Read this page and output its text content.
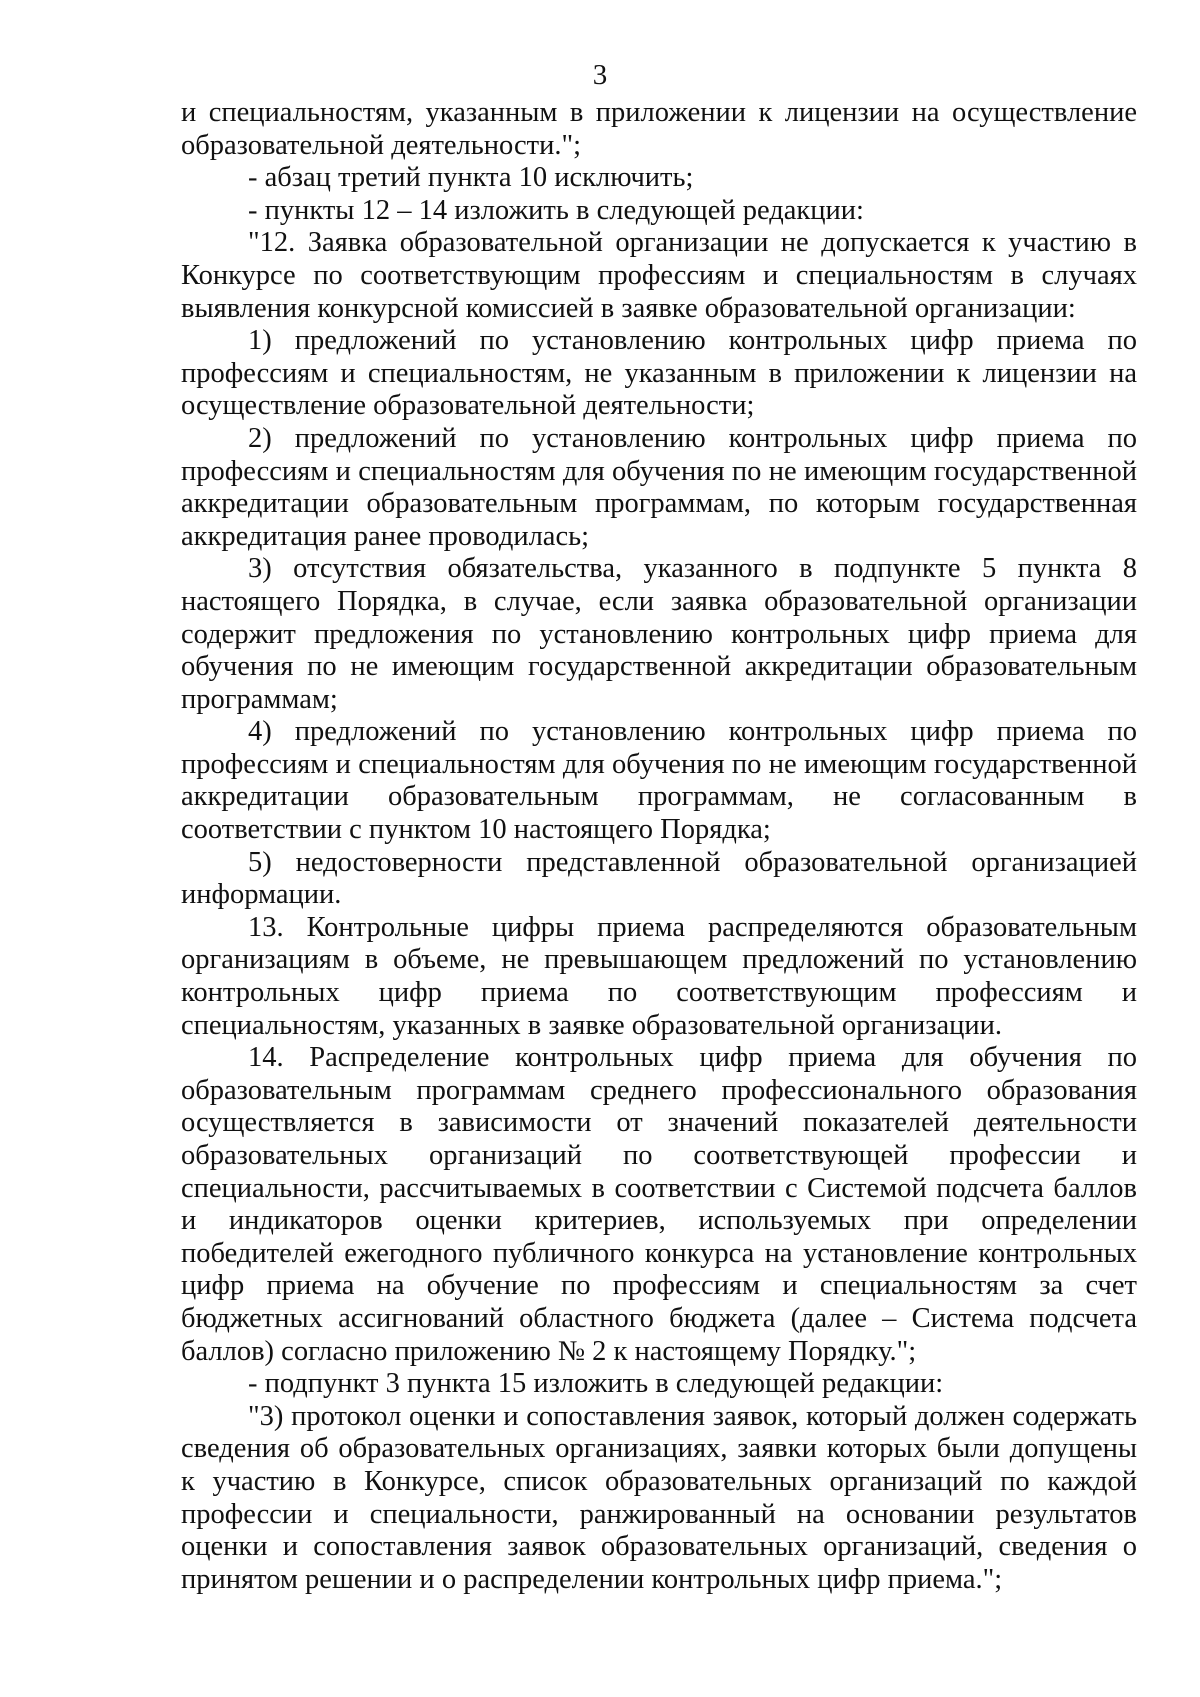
3

и специальностям, указанным в приложении к лицензии на осуществление образовательной деятельности.";

- абзац третий пункта 10 исключить;

- пункты 12 – 14 изложить в следующей редакции:

"12. Заявка образовательной организации не допускается к участию в Конкурсе по соответствующим профессиям и специальностям в случаях выявления конкурсной комиссией в заявке образовательной организации:

1) предложений по установлению контрольных цифр приема по профессиям и специальностям, не указанным в приложении к лицензии на осуществление образовательной деятельности;

2) предложений по установлению контрольных цифр приема по профессиям и специальностям для обучения по не имеющим государственной аккредитации образовательным программам, по которым государственная аккредитация ранее проводилась;

3) отсутствия обязательства, указанного в подпункте 5 пункта 8 настоящего Порядка, в случае, если заявка образовательной организации содержит предложения по установлению контрольных цифр приема для обучения по не имеющим государственной аккредитации образовательным программам;

4) предложений по установлению контрольных цифр приема по профессиям и специальностям для обучения по не имеющим государственной аккредитации образовательным программам, не согласованным в соответствии с пунктом 10 настоящего Порядка;

5) недостоверности представленной образовательной организацией информации.

13. Контрольные цифры приема распределяются образовательным организациям в объеме, не превышающем предложений по установлению контрольных цифр приема по соответствующим профессиям и специальностям, указанных в заявке образовательной организации.

14. Распределение контрольных цифр приема для обучения по образовательным программам среднего профессионального образования осуществляется в зависимости от значений показателей деятельности образовательных организаций по соответствующей профессии и специальности, рассчитываемых в соответствии с Системой подсчета баллов и индикаторов оценки критериев, используемых при определении победителей ежегодного публичного конкурса на установление контрольных цифр приема на обучение по профессиям и специальностям за счет бюджетных ассигнований областного бюджета (далее – Система подсчета баллов) согласно приложению № 2 к настоящему Порядку.";

- подпункт 3 пункта 15 изложить в следующей редакции:

"3) протокол оценки и сопоставления заявок, который должен содержать сведения об образовательных организациях, заявки которых были допущены к участию в Конкурсе, список образовательных организаций по каждой профессии и специальности, ранжированный на основании результатов оценки и сопоставления заявок образовательных организаций, сведения о принятом решении и о распределении контрольных цифр приема.";
